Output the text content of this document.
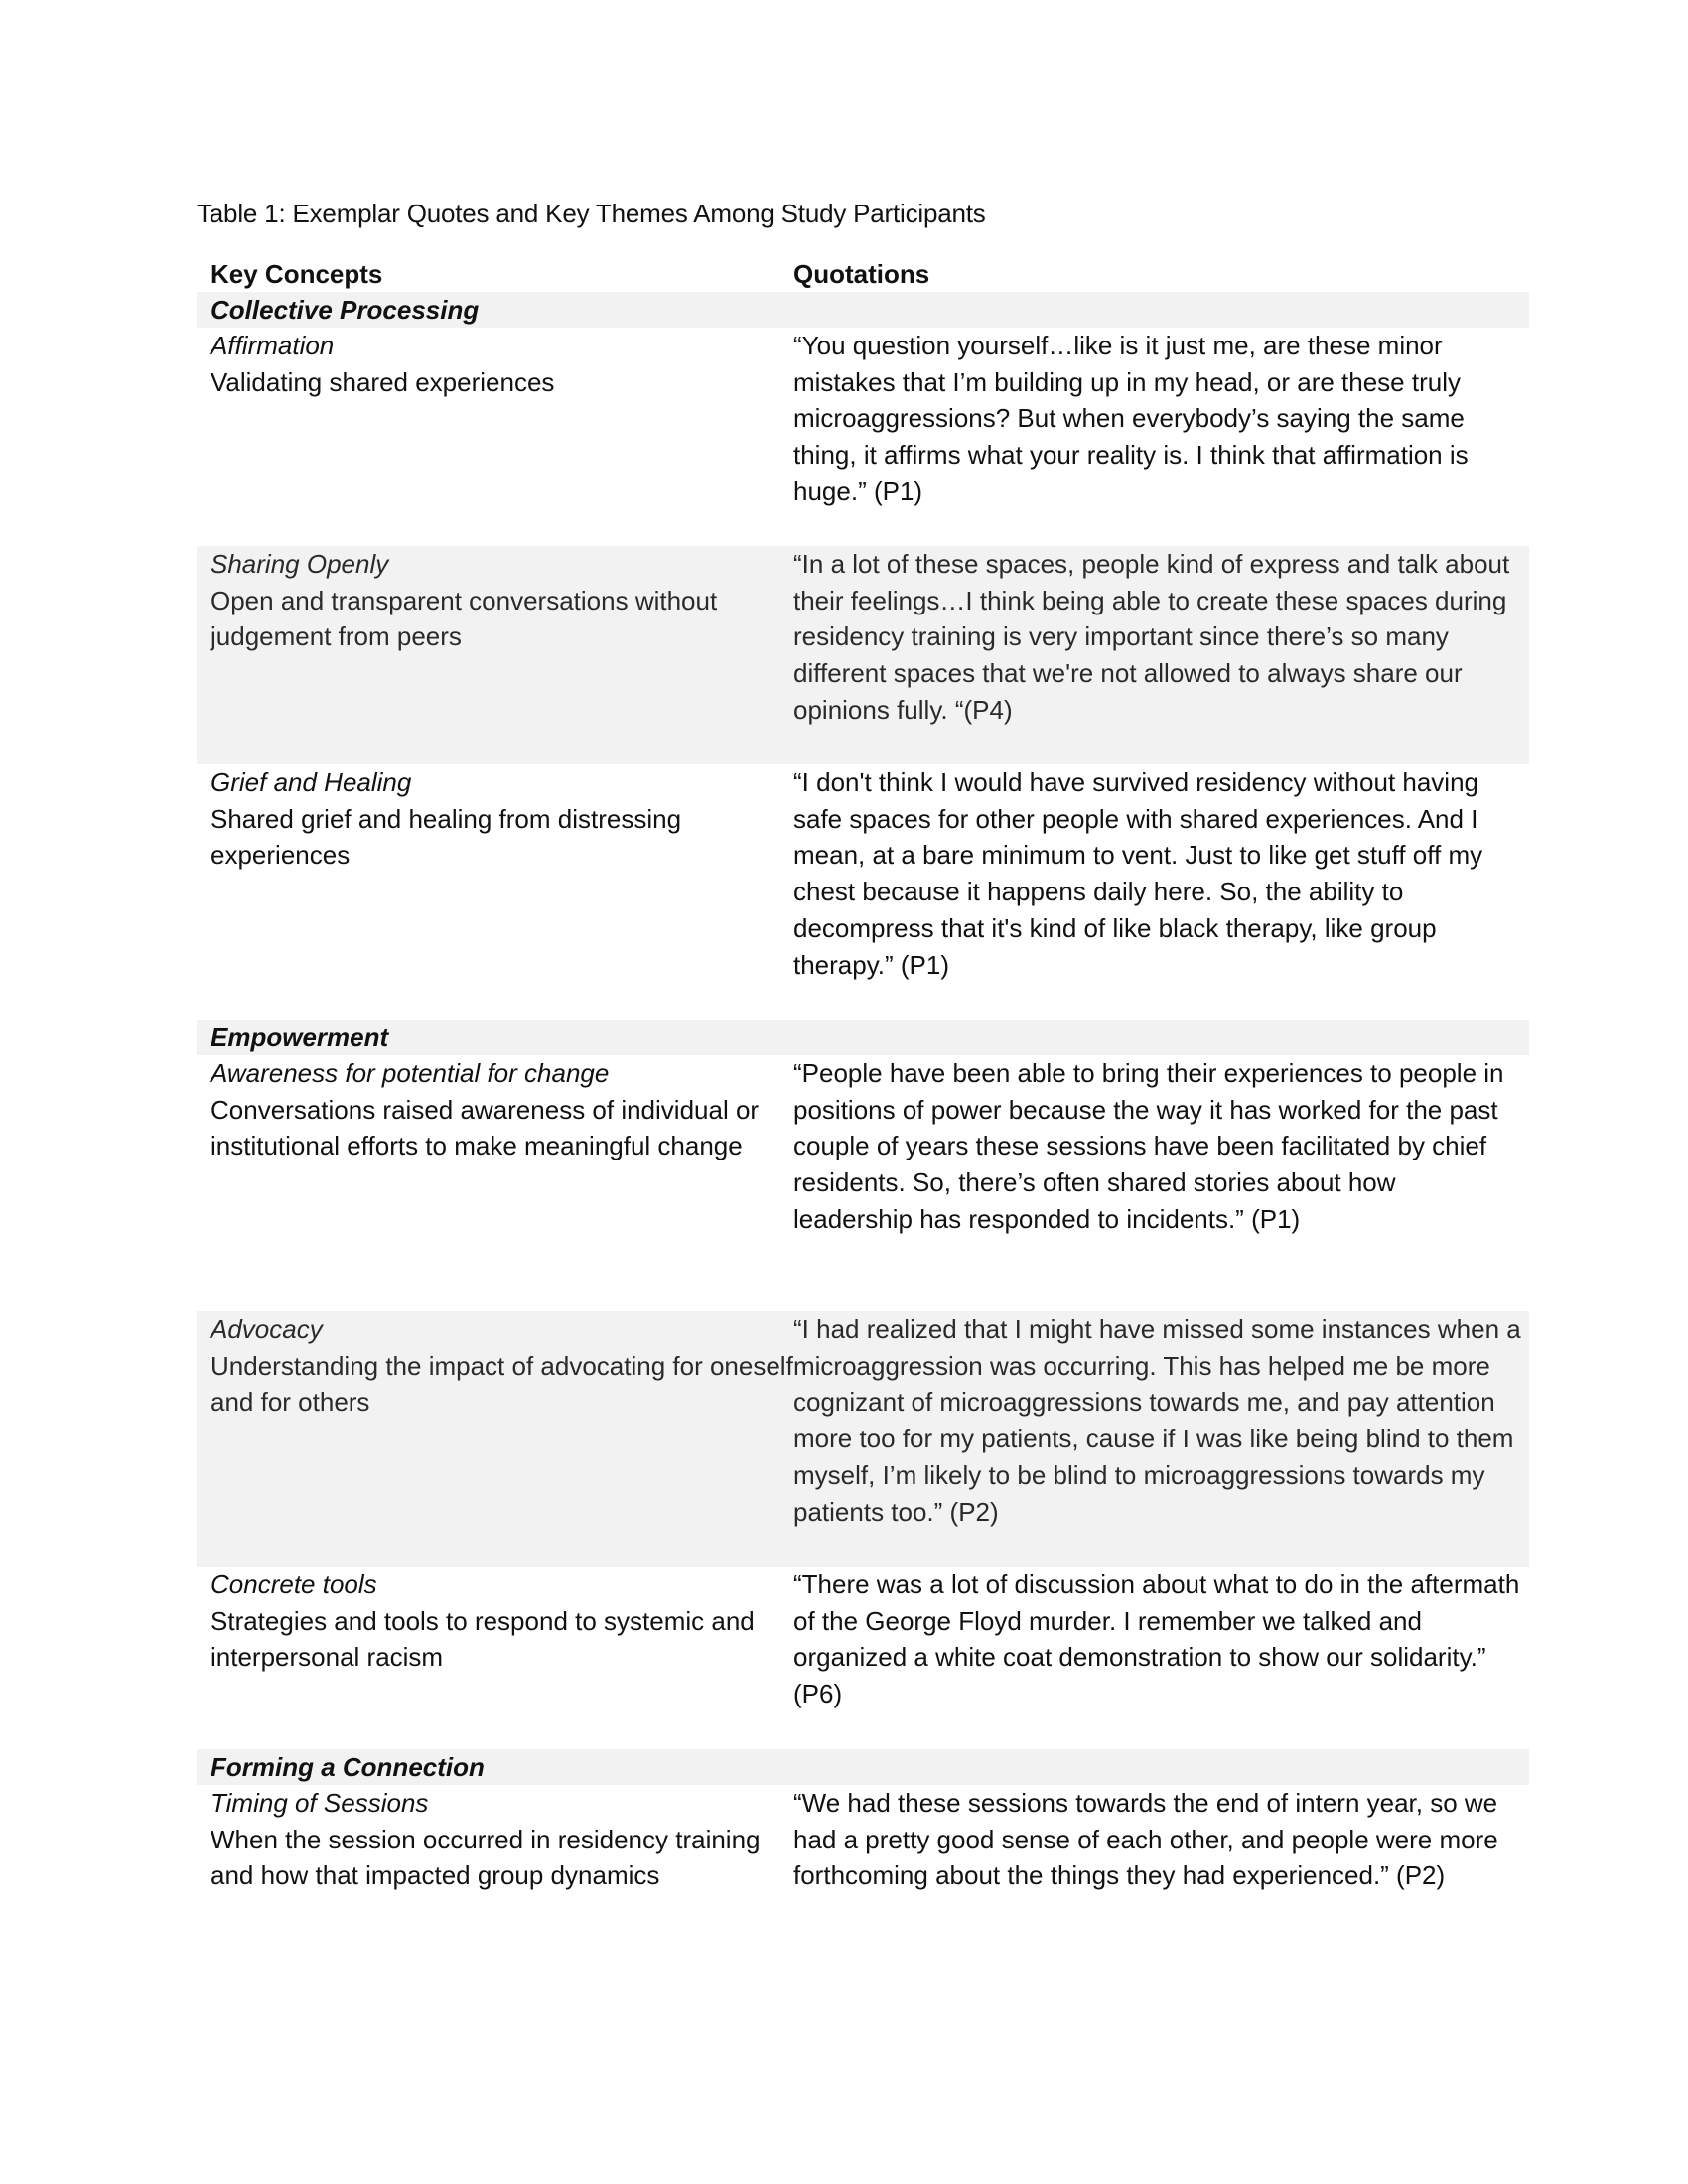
Table 1: Exemplar Quotes and Key Themes Among Study Participants
Key Concepts	Quotations
Collective Processing
Affirmation
Validating shared experiences
“You question yourself…like is it just me, are these minor mistakes that I’m building up in my head, or are these truly microaggressions? But when everybody’s saying the same thing, it affirms what your reality is. I think that affirmation is huge.” (P1)
Sharing Openly
Open and transparent conversations without judgement from peers
“In a lot of these spaces, people kind of express and talk about their feelings…I think being able to create these spaces during residency training is very important since there’s so many different spaces that we're not allowed to always share our opinions fully. “(P4)
Grief and Healing
Shared grief and healing from distressing experiences
“I don't think I would have survived residency without having safe spaces for other people with shared experiences. And I mean, at a bare minimum to vent. Just to like get stuff off my chest because it happens daily here. So, the ability to decompress that it's kind of like black therapy, like group therapy.” (P1)
Empowerment
Awareness for potential for change
Conversations raised awareness of individual or institutional efforts to make meaningful change
“People have been able to bring their experiences to people in positions of power because the way it has worked for the past couple of years these sessions have been facilitated by chief residents. So, there’s often shared stories about how leadership has responded to incidents.” (P1)
Advocacy
Understanding the impact of advocating for oneself and for others
“I had realized that I might have missed some instances when a microaggression was occurring. This has helped me be more cognizant of microaggressions towards me, and pay attention more too for my patients, cause if I was like being blind to them myself, I’m likely to be blind to microaggressions towards my patients too.” (P2)
Concrete tools
Strategies and tools to respond to systemic and interpersonal racism
“There was a lot of discussion about what to do in the aftermath of the George Floyd murder. I remember we talked and organized a white coat demonstration to show our solidarity.” (P6)
Forming a Connection
Timing of Sessions
When the session occurred in residency training and how that impacted group dynamics
“We had these sessions towards the end of intern year, so we had a pretty good sense of each other, and people were more forthcoming about the things they had experienced.” (P2)
